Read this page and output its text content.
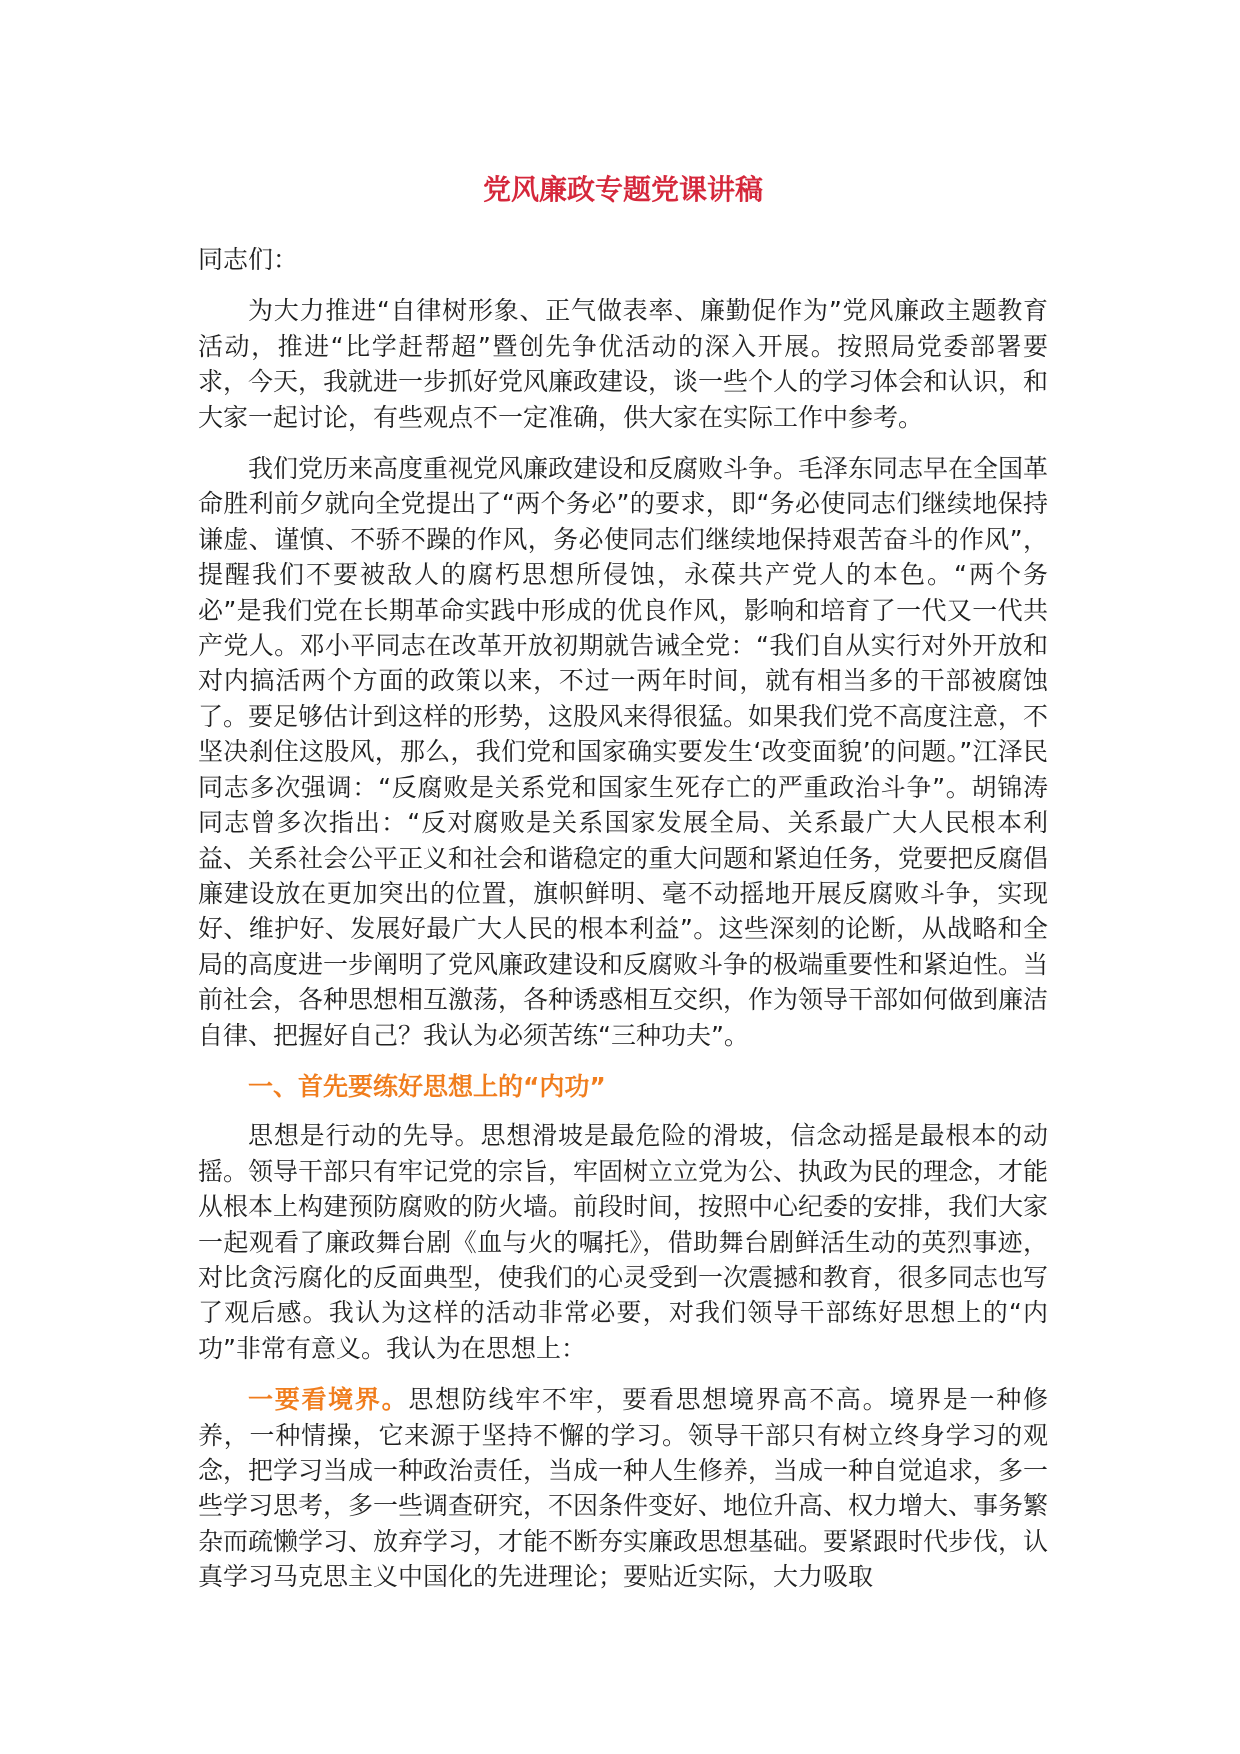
党风廉政专题党课讲稿
同志们：

为大力推进“自律树形象、正气做表率、廉勤促作为”党风廉政主题教育活动，推进“比学赶帮超”暨创先争优活动的深入开展。按照局党委部署要求，今天，我就进一步抓好党风廉政建设，谈一些个人的学习体会和认识，和大家一起讨论，有些观点不一定准确，供大家在实际工作中参考。

我们党历来高度重视党风廉政建设和反腐败斗争。毛泽东同志早在全国革命胜利前夕就向全党提出了“两个务必”的要求，即“务必使同志们继续地保持谦虚、谨慎、不骄不躁的作风，务必使同志们继续地保持艰苦奋斗的作风”，提醒我们不要被敌人的腐朽思想所侵蚀，永葆共产党人的本色。“两个务必”是我们党在长期革命实践中形成的优良作风，影响和培育了一代又一代共产党人。邓小平同志在改革开放初期就告诫全党：“我们自从实行对外开放和对内搞活两个方面的政策以来，不过一两年时间，就有相当多的干部被腐蚀了。要足够估计到这样的形势，这股风来得很猛。如果我们党不高度注意，不坚决刹住这股风，那么，我们党和国家确实要发生‘改变面貌’的问题。”江泽民同志多次强调：“反腐败是关系党和国家生死存亡的严重政治斗争”。胡锦涛同志曾多次指出：“反对腐败是关系国家发展全局、关系最广大人民根本利益、关系社会公平正义和社会和谐稳定的重大问题和紧迫任务，党要把反腐倡廉建设放在更加突出的位置，旗帜鲜明、毫不动摇地开展反腐败斗争，实现好、维护好、发展好最广大人民的根本利益”。这些深刻的论断，从战略和全局的高度进一步阐明了党风廉政建设和反腐败斗争的极端重要性和紧迫性。当前社会，各种思想相互激荡，各种诱惑相互交织，作为领导干部如何做到廉洁自律、把握好自己？我认为必须苦练“三种功夫”。

一、首先要练好思想上的“内功”

思想是行动的先导。思想滑坡是最危险的滑坡，信念动摇是最根本的动摇。领导干部只有牢记党的宗旨，牢固树立立党为公、执政为民的理念，才能从根本上构建预防腐败的防火墙。前段时间，按照中心纪委的安排，我们大家一起观看了廉政舞台剧《血与火的嘱托》，借助舞台剧鲜活生动的英烈事迹，对比贪污腐化的反面典型，使我们的心灵受到一次震撼和教育，很多同志也写了观后感。我认为这样的活动非常必要，对我们领导干部练好思想上的“内功”非常有意义。我认为在思想上：

一要看境界。思想防线牢不牢，要看思想境界高不高。境界是一种修养，一种情操，它来源于坚持不懈的学习。领导干部只有树立终身学习的观念，把学习当成一种政治责任，当成一种人生修养，当成一种自觉追求，多一些学习思考，多一些调查研究，不因条件变好、地位升高、权力增大、事务繁杂而疏懒学习、放弃学习，才能不断夯实廉政思想基础。要紧跟时代步伐，认真学习马克思主义中国化的先进理论；要贴近实际，大力吸取
